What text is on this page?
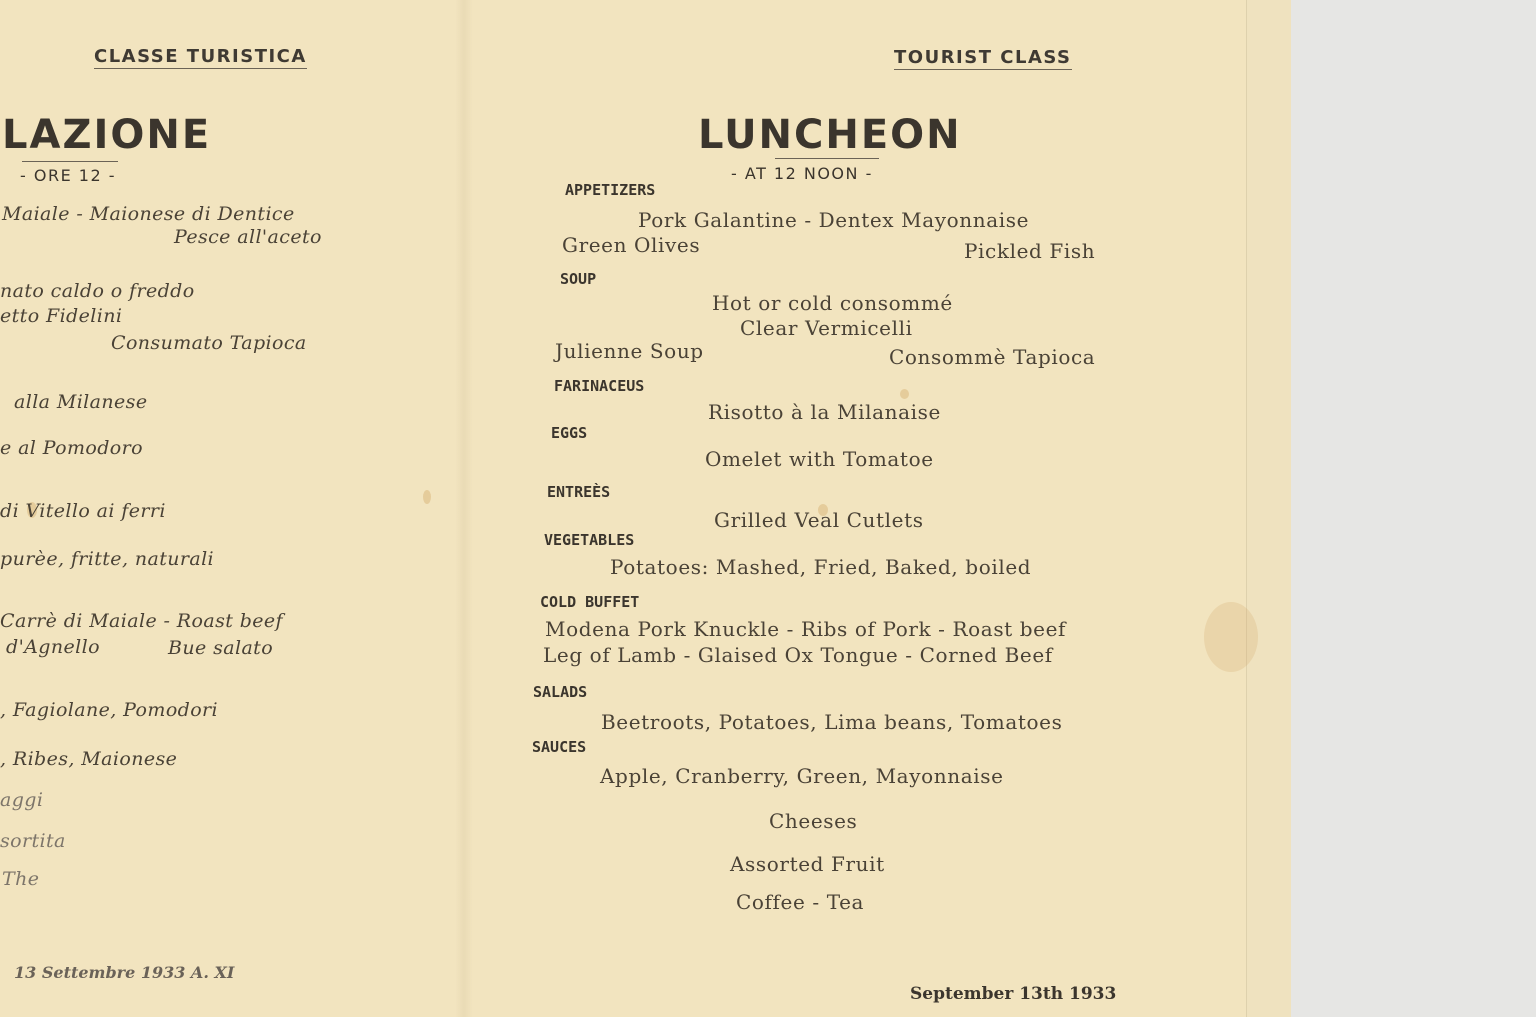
CLASSE TURISTICA
LAZIONE
- ORE 12 -
Maiale - Maionese di Dentice
Pesce all'aceto
nato caldo o freddo
etto Fidelini
Consumato Tapioca
alla Milanese
e al Pomodoro
di Vitello ai ferri
purèe, fritte, naturali
Carrè di Maiale - Roast beef
d'Agnello	Bue salato
, Fagiolane, Pomodori
, Ribes, Maionese
aggi
sortita
The
13 Settembre 1933 A. XI
TOURIST CLASS
LUNCHEON
- AT 12 NOON -
APPETIZERS
Pork Galantine - Dentex Mayonnaise
Green Olives	Pickled Fish
SOUP
Hot or cold consommé
Clear Vermicelli
Julienne Soup	Consommè Tapioca
FARINACEUS
Risotto à la Milanaise
EGGS
Omelet with Tomatoe
ENTREÈS
Grilled Veal Cutlets
VEGETABLES
Potatoes: Mashed, Fried, Baked, boiled
COLD BUFFET
Modena Pork Knuckle - Ribs of Pork - Roast beef
Leg of Lamb - Glaised Ox Tongue - Corned Beef
SALADS
Beetroots, Potatoes, Lima beans, Tomatoes
SAUCES
Apple, Cranberry, Green, Mayonnaise
Cheeses
Assorted Fruit
Coffee - Tea
September 13th 1933
